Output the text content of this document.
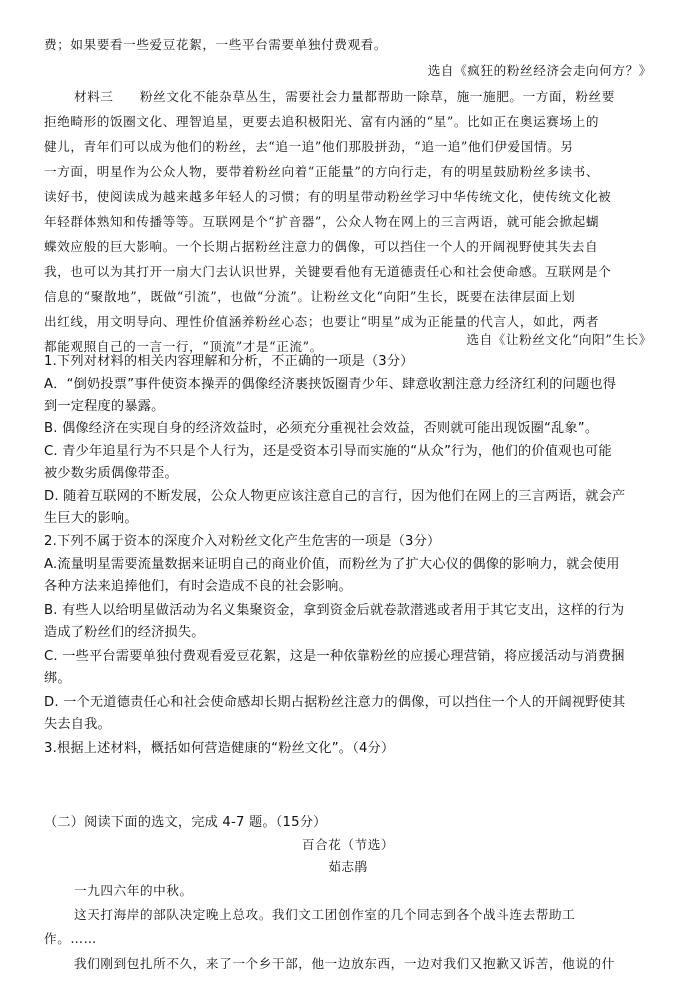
费；如果要看一些爱豆花絮，一些平台需要单独付费观看。
选自《疯狂的粉丝经济会走向何方？》
材料三　　粉丝文化不能杂草丛生，需要社会力量都帮助一除草，施一施肥。一方面，粉丝要
拒绝畸形的饭圈文化、理智追星，更要去追积极阳光、富有内涵的“星”。比如正在奥运赛场上的
健儿，青年们可以成为他们的粉丝，去“追一追”他们那股拼劲，“追一追”他们伊爱国情。另
一方面，明星作为公众人物，要带着粉丝向着“正能量”的方向行走，有的明星鼓励粉丝多读书、
读好书，使阅读成为越来越多年轻人的习惯；有的明星带动粉丝学习中华传统文化，使传统文化被
年轻群体熟知和传播等等。互联网是个“扩音器”，公众人物在网上的三言两语，就可能会掀起蝴
蝶效应般的巨大影响。一个长期占据粉丝注意力的偶像，可以挡住一个人的开阔视野使其失去自
我，也可以为其打开一扇大门去认识世界，关键要看他有无道德责任心和社会使命感。互联网是个
信息的“聚散地”，既做“引流”，也做“分流”。让粉丝文化“向阳”生长，既要在法律层面上划
出红线，用文明导向、理性价值涵养粉丝心态；也要让“明星”成为正能量的代言人，如此，两者
都能观照自己的一言一行，“顶流”才是“正流”。	选自《让粉丝文化“向阳”生长》
1.下列对材料的相关内容理解和分析，不正确的一项是（3分）
A．“倒奶投票”事件使资本操弄的偶像经济裹挟饭圈青少年、肆意收割注意力经济红利的问题也得
到一定程度的暴露。
B. 偶像经济在实现自身的经济效益时，必须充分重视社会效益，否则就可能出现饭圈“乱象”。
C. 青少年追星行为不只是个人行为，还是受资本引导而实施的“从众”行为，他们的价值观也可能
被少数劣质偶像带歪。
D. 随着互联网的不断发展，公众人物更应该注意自己的言行，因为他们在网上的三言两语，就会产
生巨大的影响。
2.下列不属于资本的深度介入对粉丝文化产生危害的一项是（3分）
A.流量明星需要流量数据来证明自己的商业价值，而粉丝为了扩大心仪的偶像的影响力，就会使用
各种方法来追捧他们，有时会造成不良的社会影响。
B. 有些人以给明星做活动为名义集聚资金，拿到资金后就卷款潜逃或者用于其它支出，这样的行为
造成了粉丝们的经济损失。
C. 一些平台需要单独付费观看爱豆花絮，这是一种依靠粉丝的应援心理营销，将应援活动与消费捆
绑。
D. 一个无道德责任心和社会使命感却长期占据粉丝注意力的偶像，可以挡住一个人的开阔视野使其
失去自我。
3.根据上述材料，概括如何营造健康的“粉丝文化”。（4分）
（二）阅读下面的选文，完成 4-7 题。（15分）
百合花（节选）
茹志鹃
一九四六年的中秋。
这天打海岸的部队决定晚上总攻。我们文工团创作室的几个同志到各个战斗连去帮助工
作。……
我们刚到包扎所不久，来了一个乡干部，他一边放东西，一边对我们又抱歉又诉苦，他说的什
